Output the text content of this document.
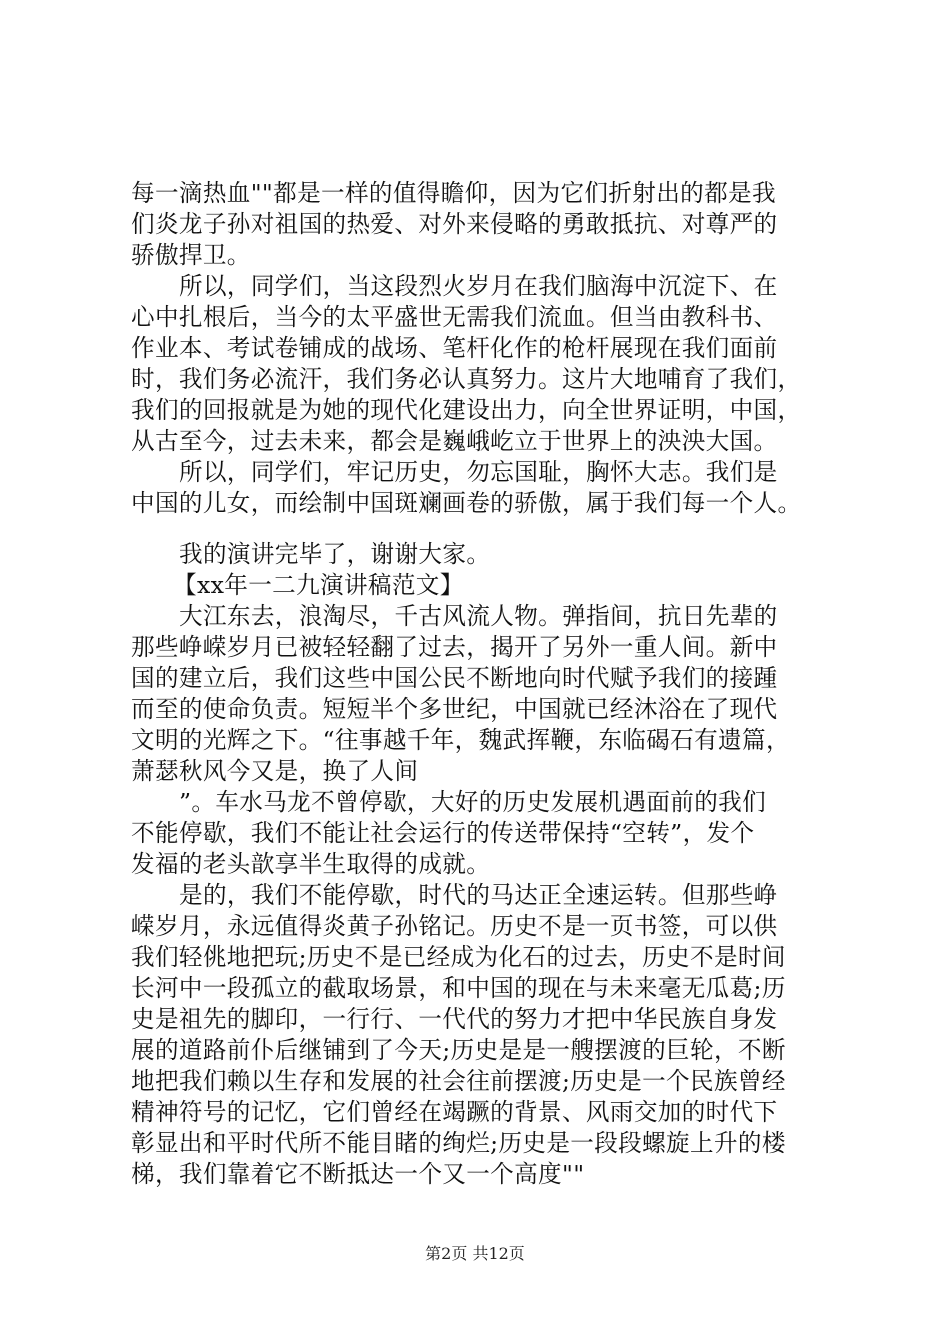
每一滴热血""都是一样的值得瞻仰，因为它们折射出的都是我
们炎龙子孙对祖国的热爱、对外来侵略的勇敢抵抗、对尊严的
骄傲捍卫。
所以，同学们，当这段烈火岁月在我们脑海中沉淀下、在
心中扎根后，当今的太平盛世无需我们流血。但当由教科书、
作业本、考试卷铺成的战场、笔杆化作的枪杆展现在我们面前
时，我们务必流汗，我们务必认真努力。这片大地哺育了我们，
我们的回报就是为她的现代化建设出力，向全世界证明，中国，
从古至今，过去未来，都会是巍峨屹立于世界上的泱泱大国。
所以，同学们，牢记历史，勿忘国耻，胸怀大志。我们是
中国的儿女，而绘制中国斑斓画卷的骄傲，属于我们每一个人。
我的演讲完毕了，谢谢大家。
【xx年一二九演讲稿范文】
大江东去，浪淘尽，千古风流人物。弹指间，抗日先辈的
那些峥嵘岁月已被轻轻翻了过去，揭开了另外一重人间。新中
国的建立后，我们这些中国公民不断地向时代赋予我们的接踵
而至的使命负责。短短半个多世纪，中国就已经沐浴在了现代
文明的光辉之下。“往事越千年，魏武挥鞭，东临碣石有遗篇，
萧瑟秋风今又是，换了人间
”。车水马龙不曾停歇，大好的历史发展机遇面前的我们
不能停歇，我们不能让社会运行的传送带保持“空转”，发个
发福的老头歆享半生取得的成就。
是的，我们不能停歇，时代的马达正全速运转。但那些峥
嵘岁月，永远值得炎黄子孙铭记。历史不是一页书签，可以供
我们轻佻地把玩;历史不是已经成为化石的过去，历史不是时间
长河中一段孤立的截取场景，和中国的现在与未来毫无瓜葛;历
史是祖先的脚印，一行行、一代代的努力才把中华民族自身发
展的道路前仆后继铺到了今天;历史是是一艘摆渡的巨轮，不断
地把我们赖以生存和发展的社会往前摆渡;历史是一个民族曾经
精神符号的记忆，它们曾经在竭蹶的背景、风雨交加的时代下
彰显出和平时代所不能目睹的绚烂;历史是一段段螺旋上升的楼
梯，我们靠着它不断抵达一个又一个高度""
第2页 共12页
